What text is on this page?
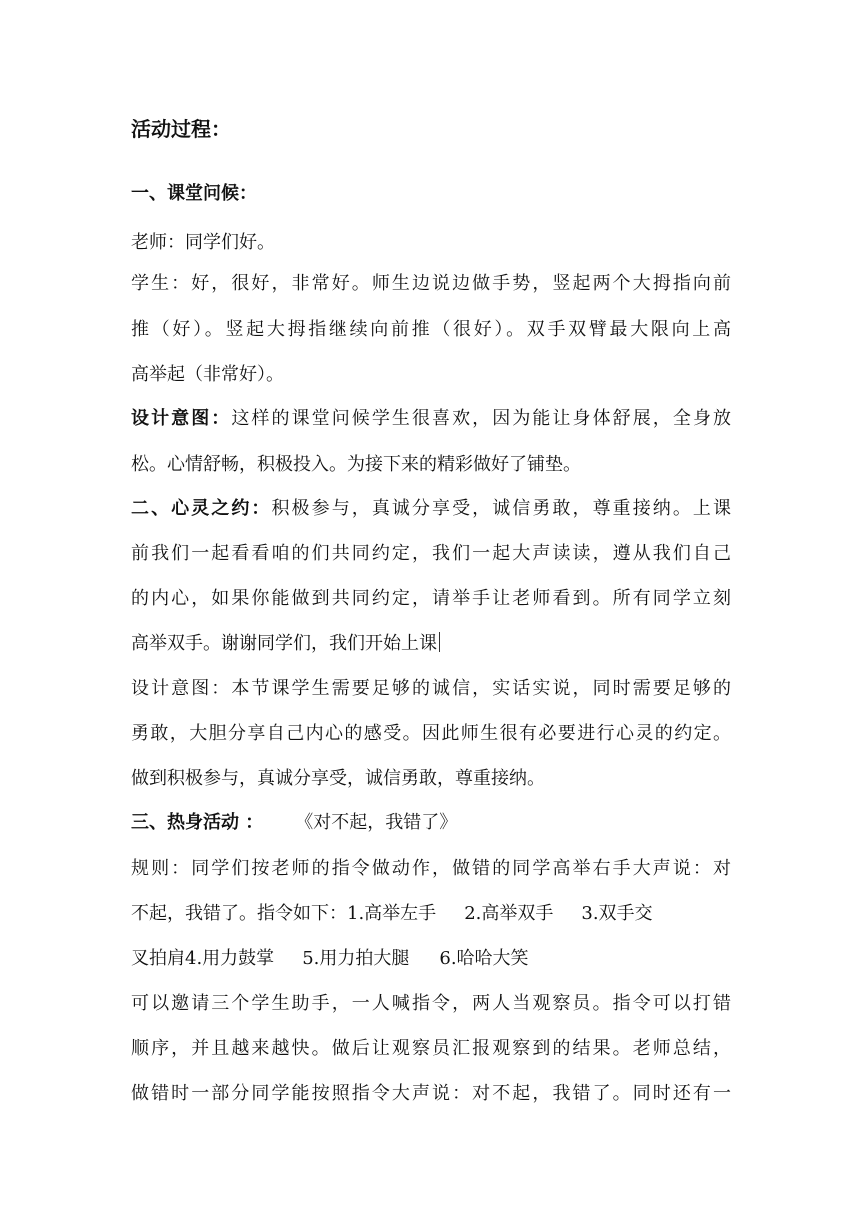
活动过程：
一、课堂问候：
老师：同学们好。
学生：好，很好，非常好。师生边说边做手势，竖起两个大拇指向前
推（好）。竖起大拇指继续向前推（很好）。双手双臂最大限向上高
高举起（非常好）。
设计意图：这样的课堂问候学生很喜欢，因为能让身体舒展，全身放
松。心情舒畅，积极投入。为接下来的精彩做好了铺垫。
二、心灵之约：积极参与，真诚分享受，诚信勇敢，尊重接纳。上课
前我们一起看看咱的们共同约定，我们一起大声读读，遵从我们自己
的内心，如果你能做到共同约定，请举手让老师看到。所有同学立刻
高举双手。谢谢同学们，我们开始上课
设计意图：本节课学生需要足够的诚信，实话实说，同时需要足够的
勇敢，大胆分享自己内心的感受。因此师生很有必要进行心灵的约定。
做到积极参与，真诚分享受，诚信勇敢，尊重接纳。
三、热身活动 ： 《对不起，我错了》
规则：同学们按老师的指令做动作，做错的同学高举右手大声说：对
不起，我错了。指令如下：1.高举左手 2.高举双手 3.双手交
叉拍肩4.用力鼓掌 5.用力拍大腿 6.哈哈大笑
可以邀请三个学生助手，一人喊指令，两人当观察员。指令可以打错
顺序，并且越来越快。做后让观察员汇报观察到的结果。老师总结，
做错时一部分同学能按照指令大声说：对不起，我错了。同时还有一
